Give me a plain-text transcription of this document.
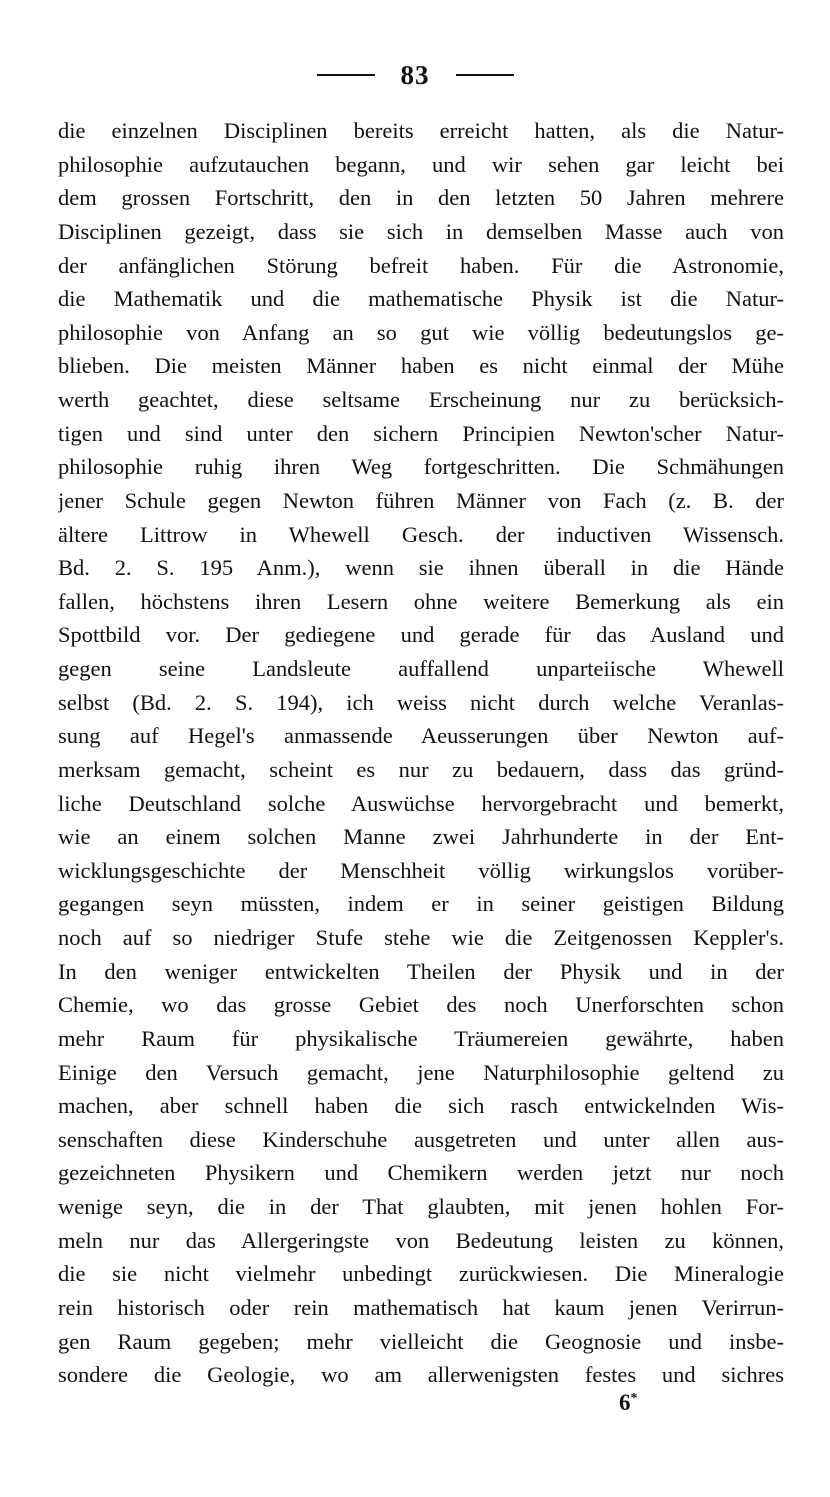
83
die einzelnen Disciplinen bereits erreicht hatten, als die Natur-
philosophie aufzutauchen begann, und wir sehen gar leicht bei
dem grossen Fortschritt, den in den letzten 50 Jahren mehrere
Disciplinen gezeigt, dass sie sich in demselben Masse auch von
der anfänglichen Störung befreit haben. Für die Astronomie,
die Mathematik und die mathematische Physik ist die Natur-
philosophie von Anfang an so gut wie völlig bedeutungslos ge-
blieben. Die meisten Männer haben es nicht einmal der Mühe
werth geachtet, diese seltsame Erscheinung nur zu berücksich-
tigen und sind unter den sichern Principien Newton'scher Natur-
philosophie ruhig ihren Weg fortgeschritten. Die Schmähungen
jener Schule gegen Newton führen Männer von Fach (z. B. der
ältere Littrow in Whewell Gesch. der inductiven Wissensch.
Bd. 2. S. 195 Anm.), wenn sie ihnen überall in die Hände
fallen, höchstens ihren Lesern ohne weitere Bemerkung als ein
Spottbild vor. Der gediegene und gerade für das Ausland und
gegen seine Landsleute auffallend unparteiische Whewell
selbst (Bd. 2. S. 194), ich weiss nicht durch welche Veranlas-
sung auf Hegel's anmassende Aeusserungen über Newton auf-
merksam gemacht, scheint es nur zu bedauern, dass das gründ-
liche Deutschland solche Auswüchse hervorgebracht und bemerkt,
wie an einem solchen Manne zwei Jahrhunderte in der Ent-
wicklungsgeschichte der Menschheit völlig wirkungslos vorüber-
gegangen seyn müssten, indem er in seiner geistigen Bildung
noch auf so niedriger Stufe stehe wie die Zeitgenossen Keppler's.
In den weniger entwickelten Theilen der Physik und in der
Chemie, wo das grosse Gebiet des noch Unerforschten schon
mehr Raum für physikalische Träumereien gewährte, haben
Einige den Versuch gemacht, jene Naturphilosophie geltend zu
machen, aber schnell haben die sich rasch entwickelnden Wis-
senschaften diese Kinderschuhe ausgetreten und unter allen aus-
gezeichneten Physikern und Chemikern werden jetzt nur noch
wenige seyn, die in der That glaubten, mit jenen hohlen For-
meln nur das Allergeringste von Bedeutung leisten zu können,
die sie nicht vielmehr unbedingt zurückwiesen. Die Mineralogie
rein historisch oder rein mathematisch hat kaum jenen Verirrun-
gen Raum gegeben; mehr vielleicht die Geognosie und insbe-
sondere die Geologie, wo am allerwenigsten festes und sichres
6*
